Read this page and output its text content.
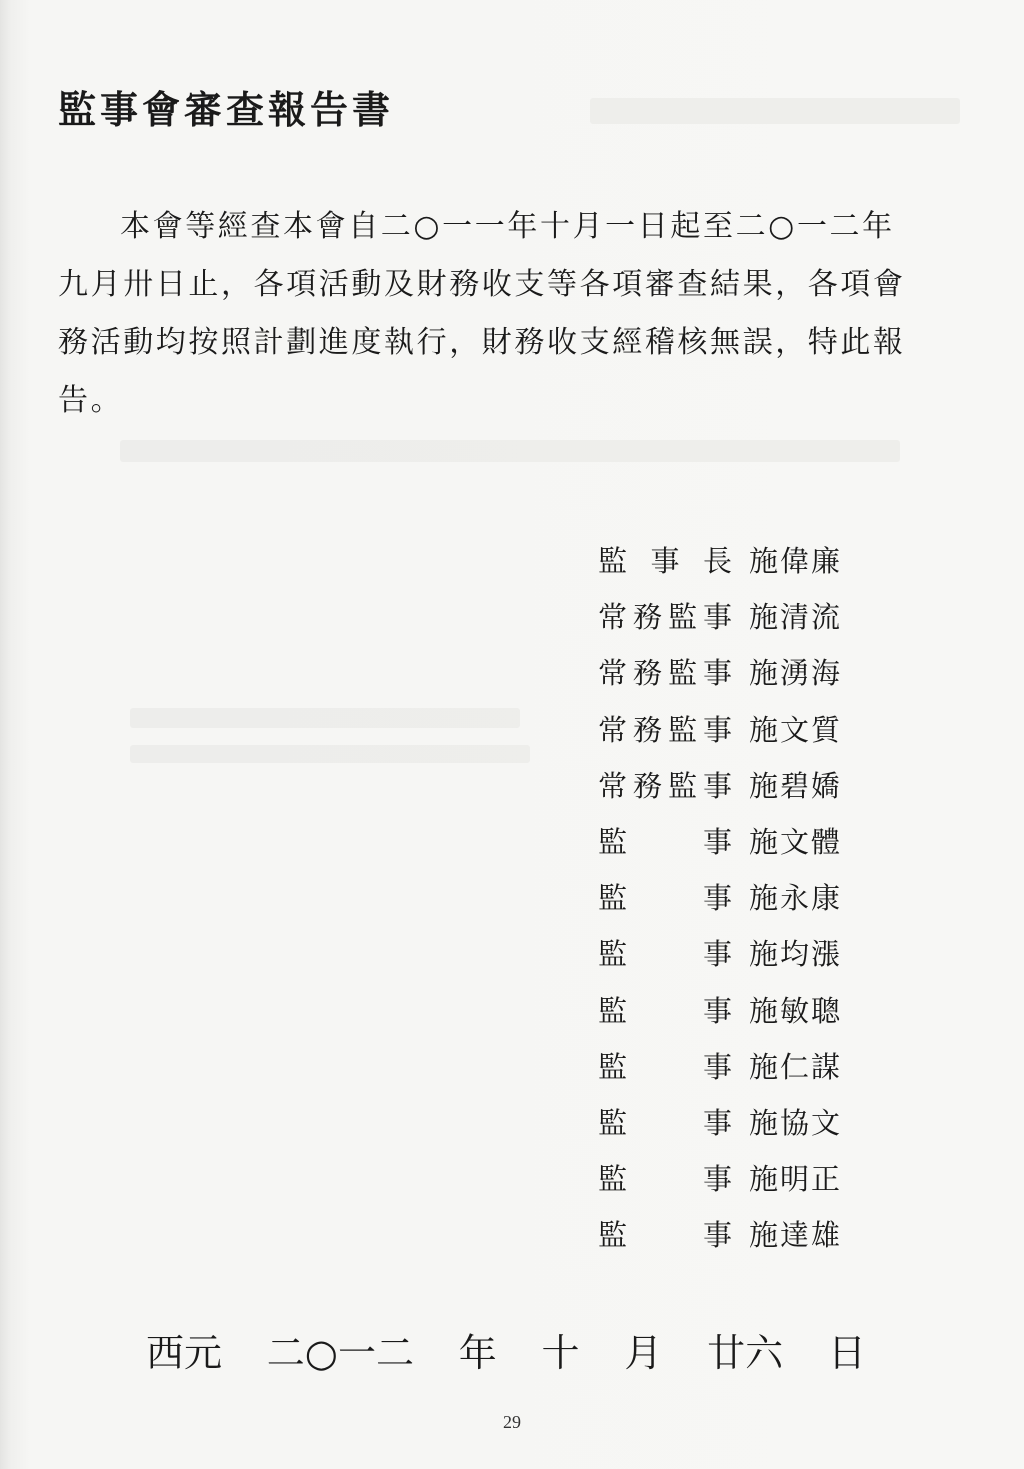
監事會審查報告書
本會等經查本會自二○一一年十月一日起至二○一二年
九月卅日止，各項活動及財務收支等各項審查結果，各項會
務活動均按照計劃進度執行，財務收支經稽核無誤，特此報
告。
監 事 長 施偉廉
常 務 監 事 施清流
常 務 監 事 施湧海
常 務 監 事 施文質
常 務 監 事 施碧嬌
監	事 施文體
監	事 施永康
監	事 施均漲
監	事 施敏聰
監	事 施仁謀
監	事 施協文
監	事 施明正
監	事 施達雄
西元 二○一二 年 十 月 廿六 日
29
